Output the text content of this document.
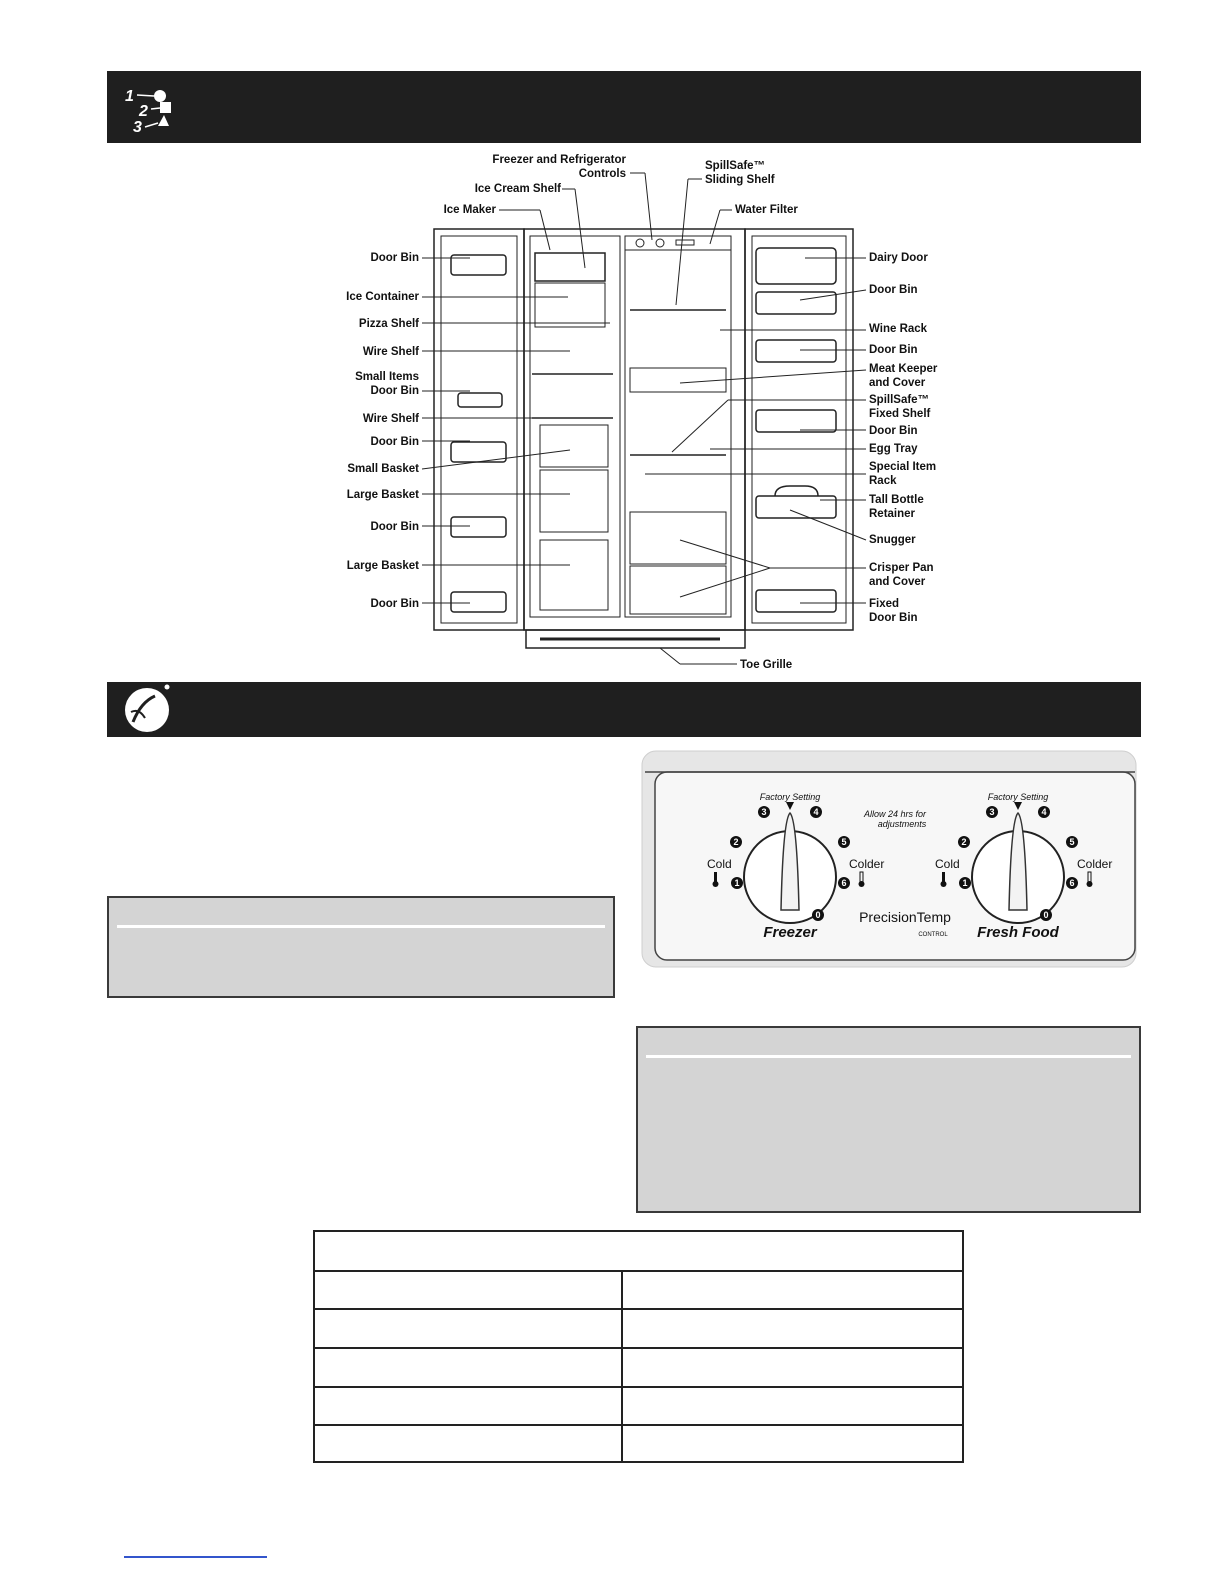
1
2
3
Door Bin
Ice Container
Pizza Shelf
Wire Shelf
Small Items
Door Bin
Wire Shelf
Door Bin
Small Basket
Large Basket
Door Bin
Large Basket
Door Bin
Freezer and Refrigerator
Controls
Ice Cream Shelf
Ice Maker
SpillSafe™
Sliding Shelf
Water Filter
Dairy Door
Door Bin
Wine Rack
Door Bin
Meat Keeper
and Cover
SpillSafe™
Fixed Shelf
Door Bin
Egg Tray
Special Item
Rack
Tall Bottle
Retainer
Snugger
Crisper Pan
and Cover
Fixed
Door Bin
Toe Grille
3	4
2	5
1	6
0
3	4
2	5
1	6
0
Factory Setting	Factory Setting
Allow 24 hrs for
adjustments
Cold	Colder	Cold	Colder
Freezer	Fresh Food
PrecisionTemp
CONTROL
